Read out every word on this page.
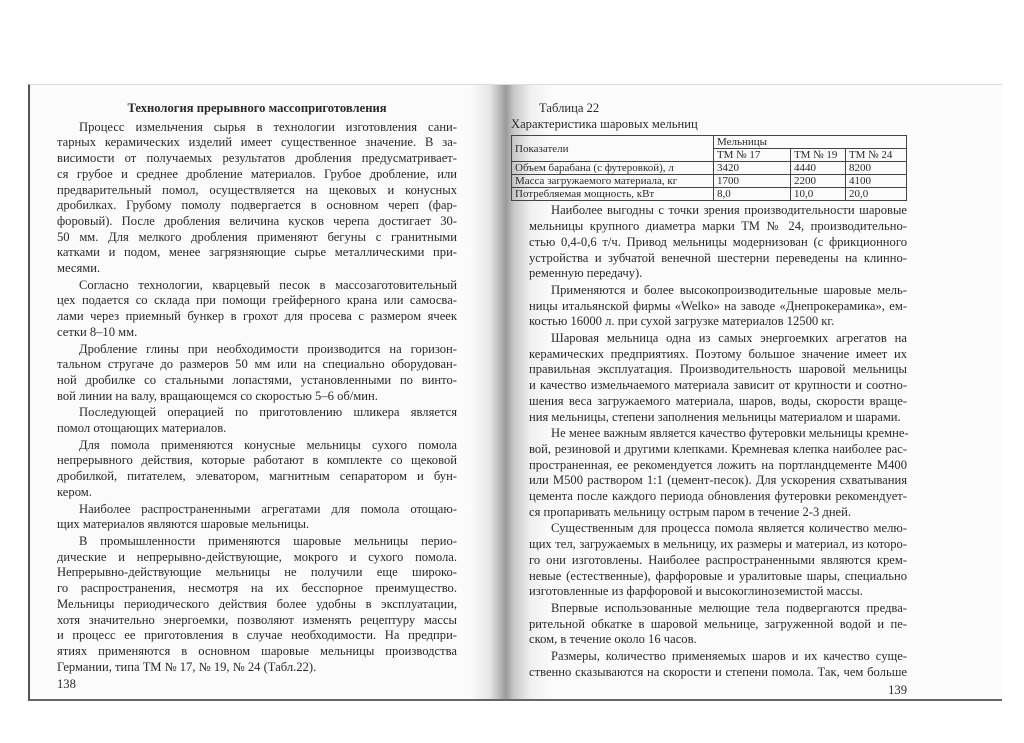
Технология прерывного массоприготовления
Процесс измельчения сырья в технологии изготовления сани-
тарных керамических изделий имеет существенное значение. В за-
висимости от получаемых результатов дробления предусматривает-
ся грубое и среднее дробление материалов. Грубое дробление, или
предварительный помол, осуществляется на щековых и конусных
дробилках. Грубому помолу подвергается в основном череп (фар-
форовый). После дробления величина кусков черепа достигает 30-
50 мм. Для мелкого дробления применяют бегуны с гранитными
катками и подом, менее загрязняющие сырье металлическими при-
месями.
Согласно технологии, кварцевый песок в массозаготовительный
цех подается со склада при помощи грейферного крана или самосва-
лами через приемный бункер в грохот для просева с размером ячеек
сетки 8–10 мм.
Дробление глины при необходимости производится на горизон-
тальном стругаче до размеров 50 мм или на специально оборудован-
ной дробилке со стальными лопастями, установленными по винто-
вой линии на валу, вращающемся со скоростью 5–6 об/мин.
Последующей операцией по приготовлению шликера является
помол отощающих материалов.
Для помола применяются конусные мельницы сухого помола
непрерывного действия, которые работают в комплекте со щековой
дробилкой, питателем, элеватором, магнитным сепаратором и бун-
кером.
Наиболее распространенными агрегатами для помола отощаю-
щих материалов являются шаровые мельницы.
В промышленности применяются шаровые мельницы перио-
дические и непрерывно-действующие, мокрого и сухого помола.
Непрерывно-действующие мельницы не получили еще широко-
го распространения, несмотря на их бесспорное преимущество.
Мельницы периодического действия более удобны в эксплуатации,
хотя значительно энергоемки, позволяют изменять рецептуру массы
и процесс ее приготовления в случае необходимости. На предпри-
ятиях применяются в основном шаровые мельницы производства
Германии, типа ТМ № 17, № 19, № 24 (Табл.22).
138
Таблица 22
Характеристика шаровых мельниц
Показатели	Мельницы		
	ТМ № 17	ТМ № 19	ТМ № 24
Объем барабана (с футеровкой), л	3420	4440	8200
Масса загружаемого материала, кг	1700	2200	4100
Потребляемая мощность, кВт	8,0	10,0	20,0
Наиболее выгодны с точки зрения производительности шаровые
мельницы крупного диаметра марки ТМ № 24, производительно-
стью 0,4-0,6 т/ч. Привод мельницы модернизован (с фрикционного
устройства и зубчатой венечной шестерни переведены на клинно-
ременную передачу).
Применяются и более высокопроизводительные шаровые мель-
ницы итальянской фирмы «Welko» на заводе «Днепрокерамика», ем-
костью 16000 л. при сухой загрузке материалов 12500 кг.
Шаровая мельница одна из самых энергоемких агрегатов на
керамических предприятиях. Поэтому большое значение имеет их
правильная эксплуатация. Производительность шаровой мельницы
и качество измельчаемого материала зависит от крупности и соотно-
шения веса загружаемого материала, шаров, воды, скорости враще-
ния мельницы, степени заполнения мельницы материалом и шарами.
Не менее важным является качество футеровки мельницы кремне-
вой, резиновой и другими клепками. Кремневая клепка наиболее рас-
пространенная, ее рекомендуется ложить на портландцементе М400
или М500 раствором 1:1 (цемент-песок). Для ускорения схватывания
цемента после каждого периода обновления футеровки рекомендует-
ся пропаривать мельницу острым паром в течение 2-3 дней.
Существенным для процесса помола является количество мелю-
щих тел, загружаемых в мельницу, их размеры и материал, из которо-
го они изготовлены. Наиболее распространенными являются крем-
невые (естественные), фарфоровые и уралитовые шары, специально
изготовленные из фарфоровой и высокоглиноземистой массы.
Впервые использованные мелющие тела подвергаются предва-
рительной обкатке в шаровой мельнице, загруженной водой и пе-
ском, в течение около 16 часов.
Размеры, количество применяемых шаров и их качество суще-
ственно сказываются на скорости и степени помола. Так, чем больше
139
